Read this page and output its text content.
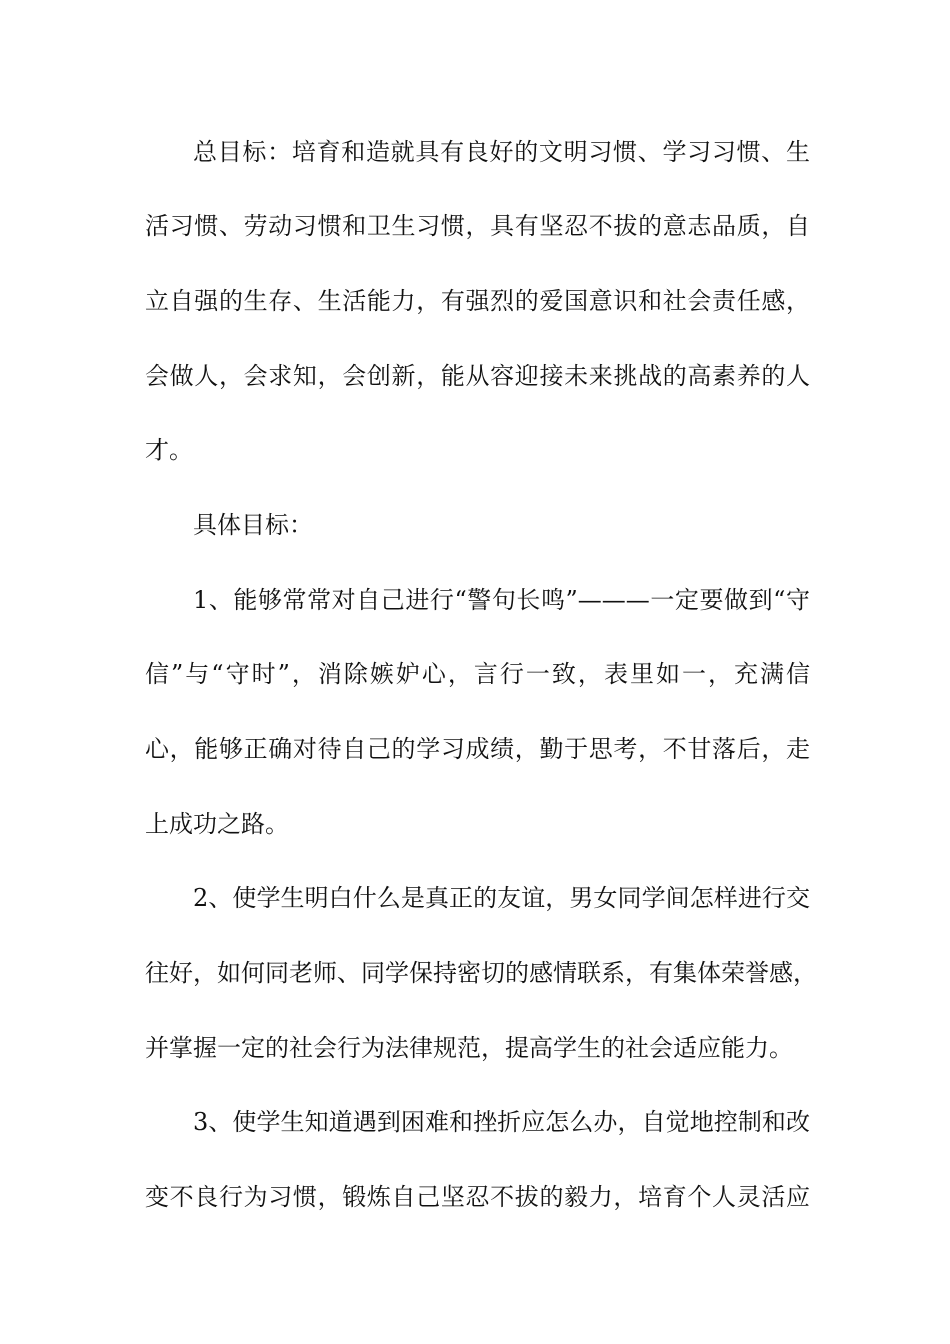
总目标：培育和造就具有良好的文明习惯、学习习惯、生
活习惯、劳动习惯和卫生习惯，具有坚忍不拔的意志品质，自
立自强的生存、生活能力，有强烈的爱国意识和社会责任感，
会做人，会求知，会创新，能从容迎接未来挑战的高素养的人
才。
具体目标：
1、能够常常对自己进行“警句长鸣”———一定要做到“守
信”与“守时”，消除嫉妒心，言行一致，表里如一，充满信
心，能够正确对待自己的学习成绩，勤于思考，不甘落后，走
上成功之路。
2、使学生明白什么是真正的友谊，男女同学间怎样进行交
往好，如何同老师、同学保持密切的感情联系，有集体荣誉感，
并掌握一定的社会行为法律规范，提高学生的社会适应能力。
3、使学生知道遇到困难和挫折应怎么办，自觉地控制和改
变不良行为习惯，锻炼自己坚忍不拔的毅力，培育个人灵活应
